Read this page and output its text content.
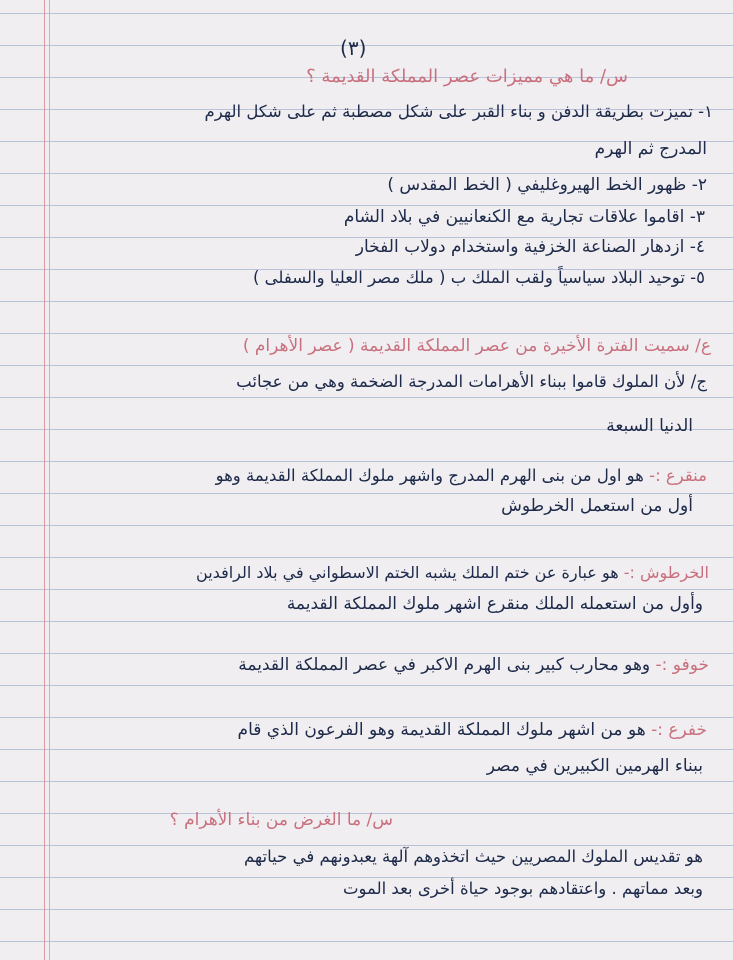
(٣)
س/ ما هي مميزات عصر المملكة القديمة ؟
١- تميزت بطريقة الدفن و بناء القبر على شكل مصطبة ثم على شكل الهرم
المدرج ثم الهرم
٢- ظهور الخط الهيروغليفي ( الخط المقدس )
٣- اقاموا علاقات تجارية مع الكنعانيين في بلاد الشام
٤- ازدهار الصناعة الخزفية واستخدام دولاب الفخار
٥- توحيد البلاد سياسياً ولقب الملك ب ( ملك مصر العليا والسفلى )
ع/ سميت الفترة الأخيرة من عصر المملكة القديمة ( عصر الأهرام )
ج/ لأن الملوك قاموا ببناء الأهرامات المدرجة الضخمة وهي من عجائب
الدنيا السبعة
منقرع :- هو اول من بنى الهرم المدرج واشهر ملوك المملكة القديمة وهو
أول من استعمل الخرطوش
الخرطوش :- هو عبارة عن ختم الملك يشبه الختم الاسطواني في بلاد الرافدين
وأول من استعمله الملك منقرع اشهر ملوك المملكة القديمة
خوفو :- وهو محارب كبير بنى الهرم الاكبر في عصر المملكة القديمة
خفرع :- هو من اشهر ملوك المملكة القديمة وهو الفرعون الذي قام
ببناء الهرمين الكبيرين في مصر
س/ ما الغرض من بناء الأهرام ؟
هو تقديس الملوك المصريين حيث اتخذوهم آلهة يعبدونهم في حياتهم
وبعد مماتهم . واعتقادهم بوجود حياة أخرى بعد الموت
